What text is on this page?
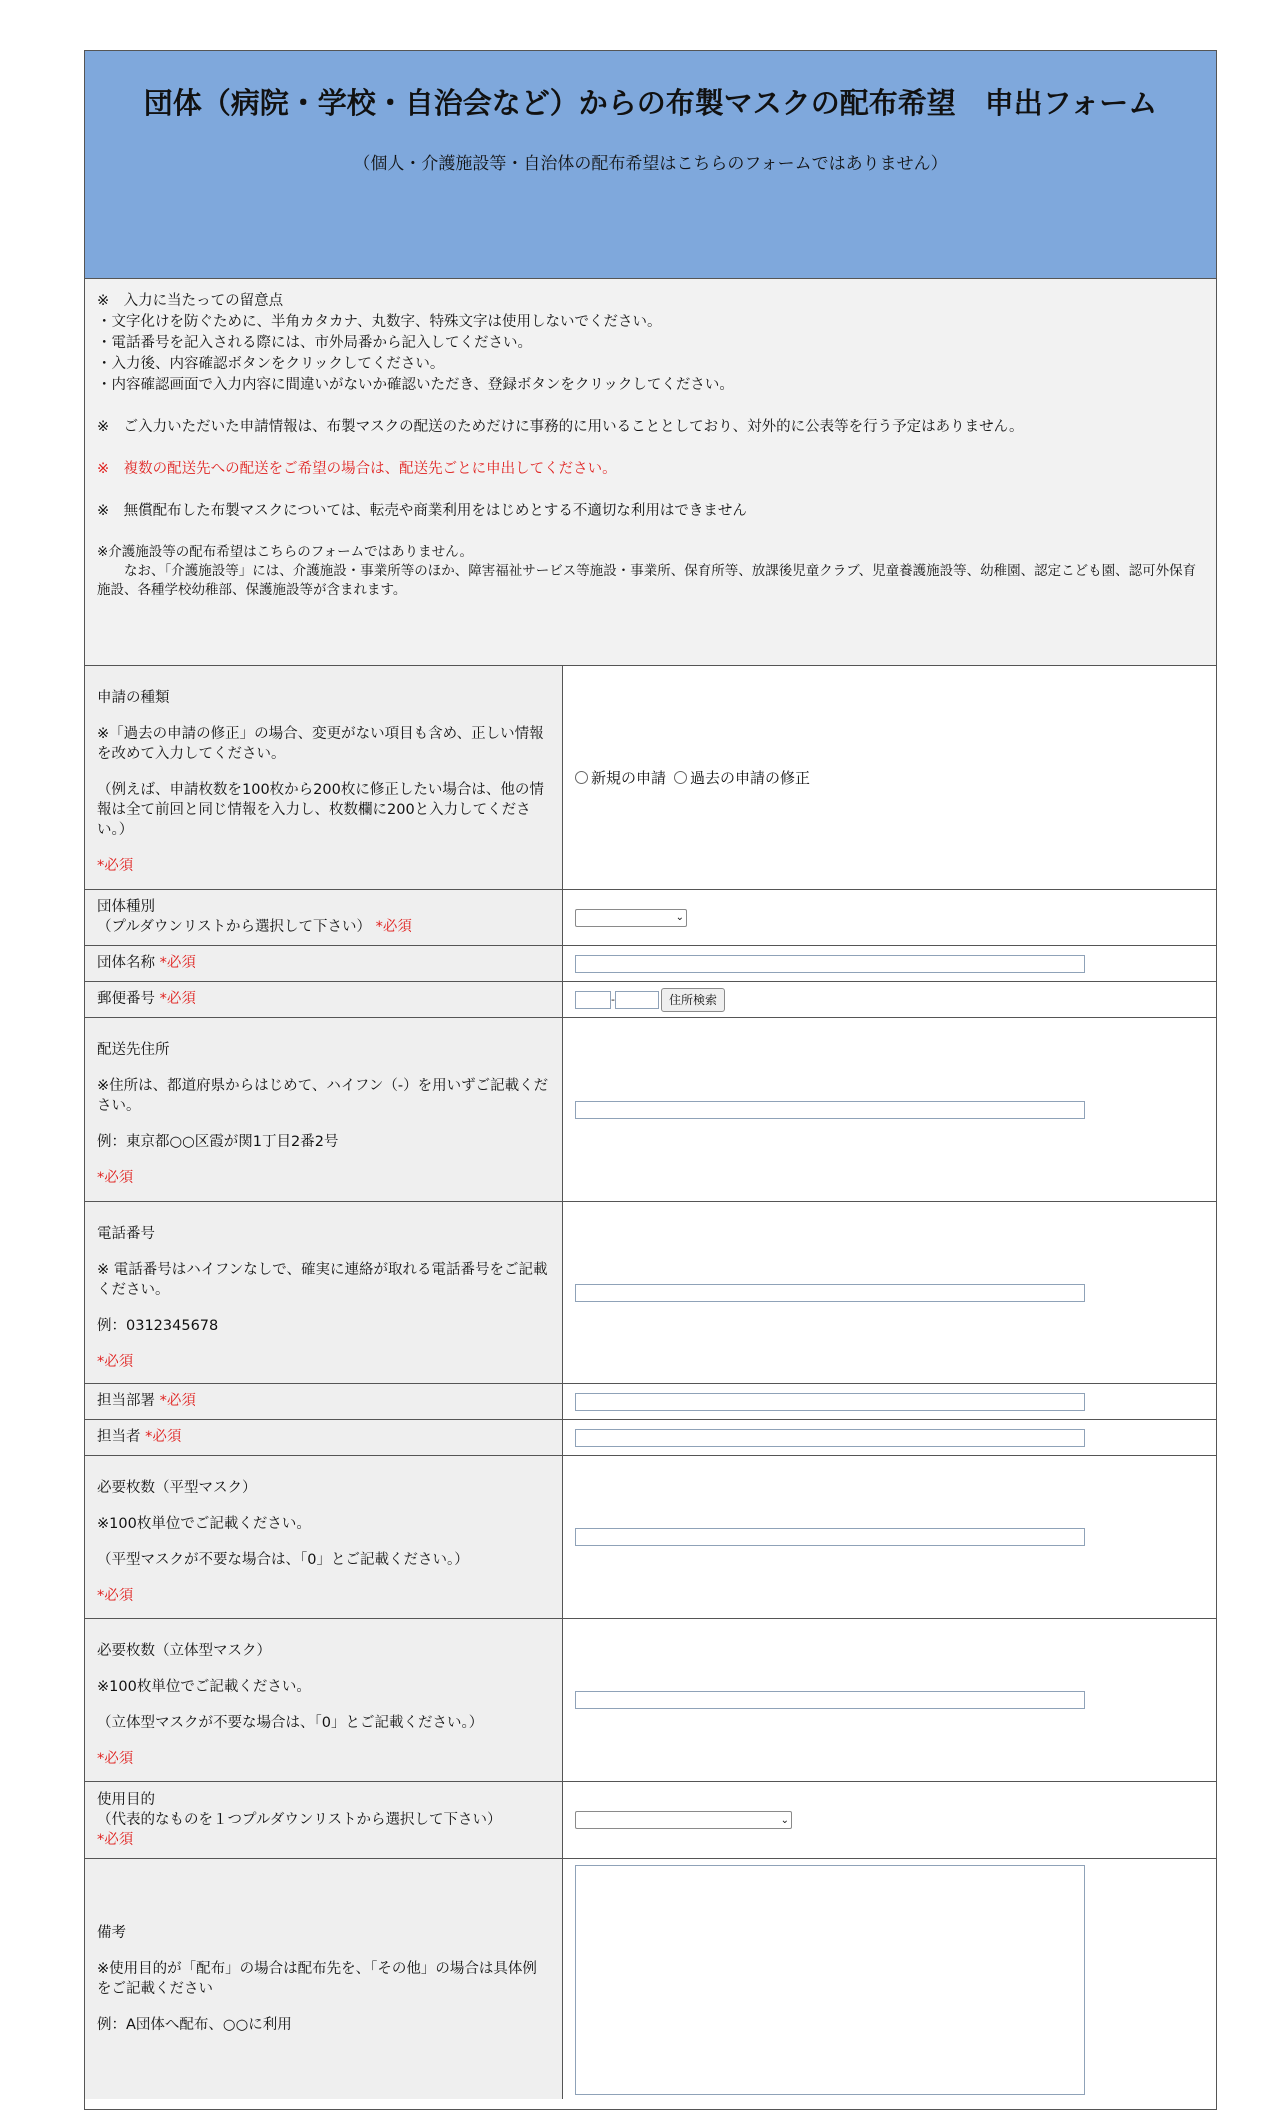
団体（病院・学校・自治会など）からの布製マスクの配布希望　申出フォーム
（個人・介護施設等・自治体の配布希望はこちらのフォームではありません）

※　入力に当たっての留意点

・文字化けを防ぐために、半角カタカナ、丸数字、特殊文字は使用しないでください。

・電話番号を記入される際には、市外局番から記入してください。

・入力後、内容確認ボタンをクリックしてください。

・内容確認画面で入力内容に間違いがないか確認いただき、登録ボタンをクリックしてください。

※　ご入力いただいた申請情報は、布製マスクの配送のためだけに事務的に用いることとしており、対外的に公表等を行う予定はありません。

※　複数の配送先への配送をご希望の場合は、配送先ごとに申出してください。

※　無償配布した布製マスクについては、転売や商業利用をはじめとする不適切な利用はできません

※介護施設等の配布希望はこちらのフォームではありません。

　　なお、「介護施設等」には、介護施設・事業所等のほか、障害福祉サービス等施設・事業所、保育所等、放課後児童クラブ、児童養護施設等、幼稚園、認定こども園、認可外保育施設、各種学校幼稚部、保護施設等が含まれます。

申請の種類

※「過去の申請の修正」の場合、変更がない項目も含め、正しい情報を改めて入力してください。

（例えば、申請枚数を100枚から200枚に修正したい場合は、他の情報は全て前回と同じ情報を入力し、枚数欄に200と入力してください。）

*必須

新規の申請 過去の申請の修正

団体種別

（プルダウンリストから選択して下さい） *必須

⌄

団体名称 *必須

郵便番号 *必須	-	住所検索

配送先住所

※住所は、都道府県からはじめて、ハイフン（-）を用いずご記載ください。

例：東京都○○区霞が関1丁目2番2号

*必須

電話番号

※ 電話番号はハイフンなしで、確実に連絡が取れる電話番号をご記載ください。

例：0312345678

*必須

担当部署 *必須

担当者 *必須

必要枚数（平型マスク）

※100枚単位でご記載ください。

（平型マスクが不要な場合は、「0」とご記載ください。）

*必須

必要枚数（立体型マスク）

※100枚単位でご記載ください。

（立体型マスクが不要な場合は、「0」とご記載ください。）

*必須

使用目的

（代表的なものを１つプルダウンリストから選択して下さい）

*必須

⌄

備考

※使用目的が「配布」の場合は配布先を、「その他」の場合は具体例をご記載ください

例：A団体へ配布、○○に利用
